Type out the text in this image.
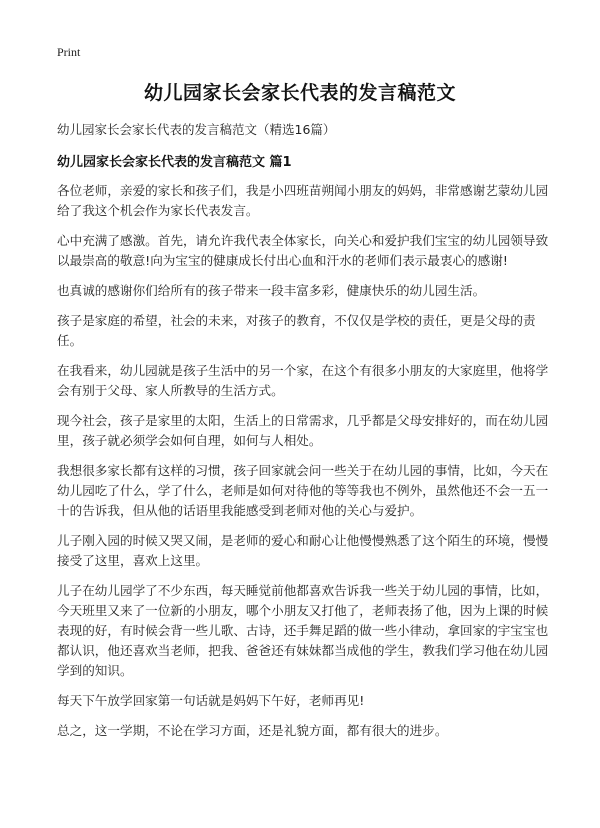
Print
幼儿园家长会家长代表的发言稿范文
幼儿园家长会家长代表的发言稿范文（精选16篇）
幼儿园家长会家长代表的发言稿范文 篇1

各位老师，亲爱的家长和孩子们，我是小四班苗朔闻小朋友的妈妈，非常感谢艺蒙幼儿园给了我这个机会作为家长代表发言。

心中充满了感激。首先，请允许我代表全体家长，向关心和爱护我们宝宝的幼儿园领导致以最崇高的敬意!向为宝宝的健康成长付出心血和汗水的老师们表示最衷心的感谢!

也真诚的感谢你们给所有的孩子带来一段丰富多彩，健康快乐的幼儿园生活。

孩子是家庭的希望，社会的未来，对孩子的教育，不仅仅是学校的责任，更是父母的责任。

在我看来，幼儿园就是孩子生活中的另一个家，在这个有很多小朋友的大家庭里，他将学会有别于父母、家人所教导的生活方式。

现今社会，孩子是家里的太阳，生活上的日常需求，几乎都是父母安排好的，而在幼儿园里，孩子就必须学会如何自理，如何与人相处。

我想很多家长都有这样的习惯，孩子回家就会问一些关于在幼儿园的事情，比如，今天在幼儿园吃了什么，学了什么，老师是如何对待他的等等我也不例外，虽然他还不会一五一十的告诉我，但从他的话语里我能感受到老师对他的关心与爱护。

儿子刚入园的时候又哭又闹，是老师的爱心和耐心让他慢慢熟悉了这个陌生的环境，慢慢接受了这里，喜欢上这里。

儿子在幼儿园学了不少东西，每天睡觉前他都喜欢告诉我一些关于幼儿园的事情，比如，今天班里又来了一位新的小朋友，哪个小朋友又打他了，老师表扬了他，因为上课的时候表现的好，有时候会背一些儿歌、古诗，还手舞足蹈的做一些小律动，拿回家的宇宝宝也都认识，他还喜欢当老师，把我、爸爸还有妹妹都当成他的学生，教我们学习他在幼儿园学到的知识。

每天下午放学回家第一句话就是妈妈下午好，老师再见!

总之，这一学期，不论在学习方面，还是礼貌方面，都有很大的进步。
